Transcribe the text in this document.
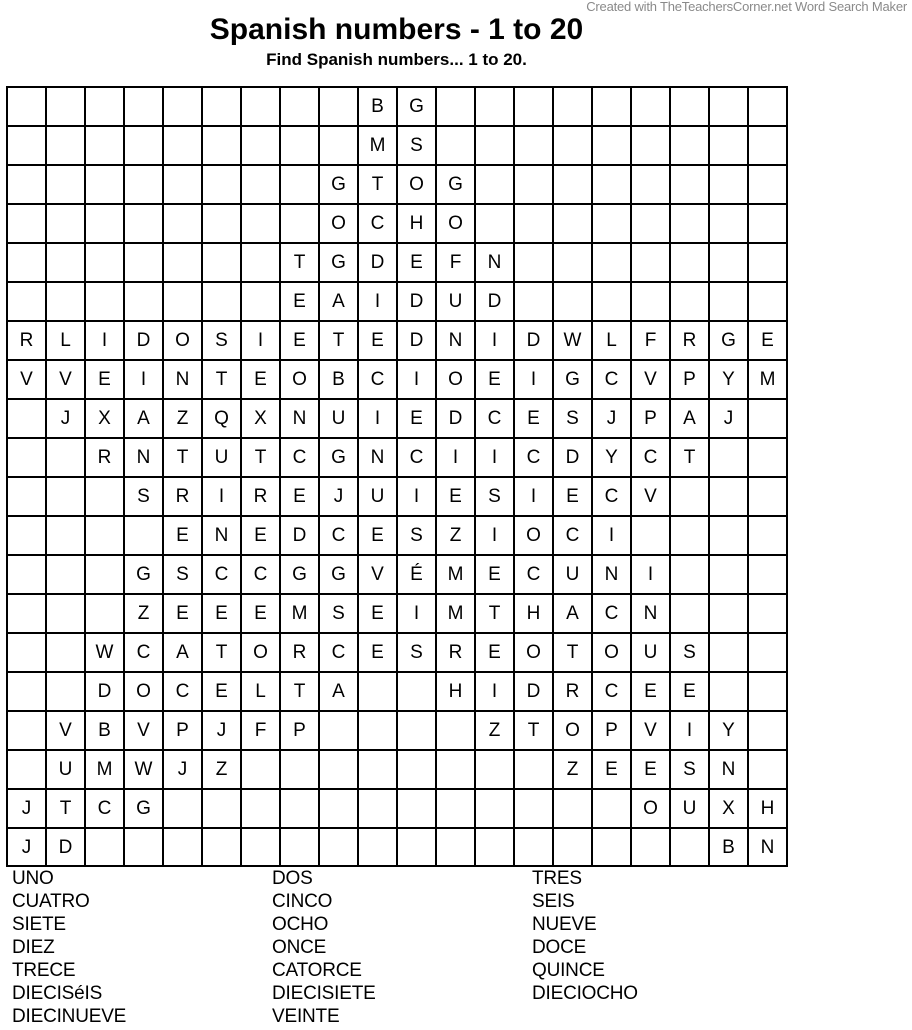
Created with TheTeachersCorner.net Word Search Maker
Spanish numbers - 1 to 20
Find Spanish numbers... 1 to 20.
									B	G									
									M	S									
								G	T	O	G								
								O	C	H	O								
							T	G	D	E	F	N							
							E	A	I	D	U	D							
R	L	I	D	O	S	I	E	T	E	D	N	I	D	W	L	F	R	G	E
V	V	E	I	N	T	E	O	B	C	I	O	E	I	G	C	V	P	Y	M
	J	X	A	Z	Q	X	N	U	I	E	D	C	E	S	J	P	A	J	
		R	N	T	U	T	C	G	N	C	I	I	C	D	Y	C	T		
			S	R	I	R	E	J	U	I	E	S	I	E	C	V			
				E	N	E	D	C	E	S	Z	I	O	C	I				
			G	S	C	C	G	G	V	É	M	E	C	U	N	I			
			Z	E	E	E	M	S	E	I	M	T	H	A	C	N			
		W	C	A	T	O	R	C	E	S	R	E	O	T	O	U	S		
		D	O	C	E	L	T	A			H	I	D	R	C	E	E		
	V	B	V	P	J	F	P					Z	T	O	P	V	I	Y	
	U	M	W	J	Z									Z	E	E	S	N	
J	T	C	G													O	U	X	H
J	D																	B	N
UNO
CUATRO
SIETE
DIEZ
TRECE
DIECISéIS
DIECINUEVE
DOS
CINCO
OCHO
ONCE
CATORCE
DIECISIETE
VEINTE
TRES
SEIS
NUEVE
DOCE
QUINCE
DIECIOCHO
